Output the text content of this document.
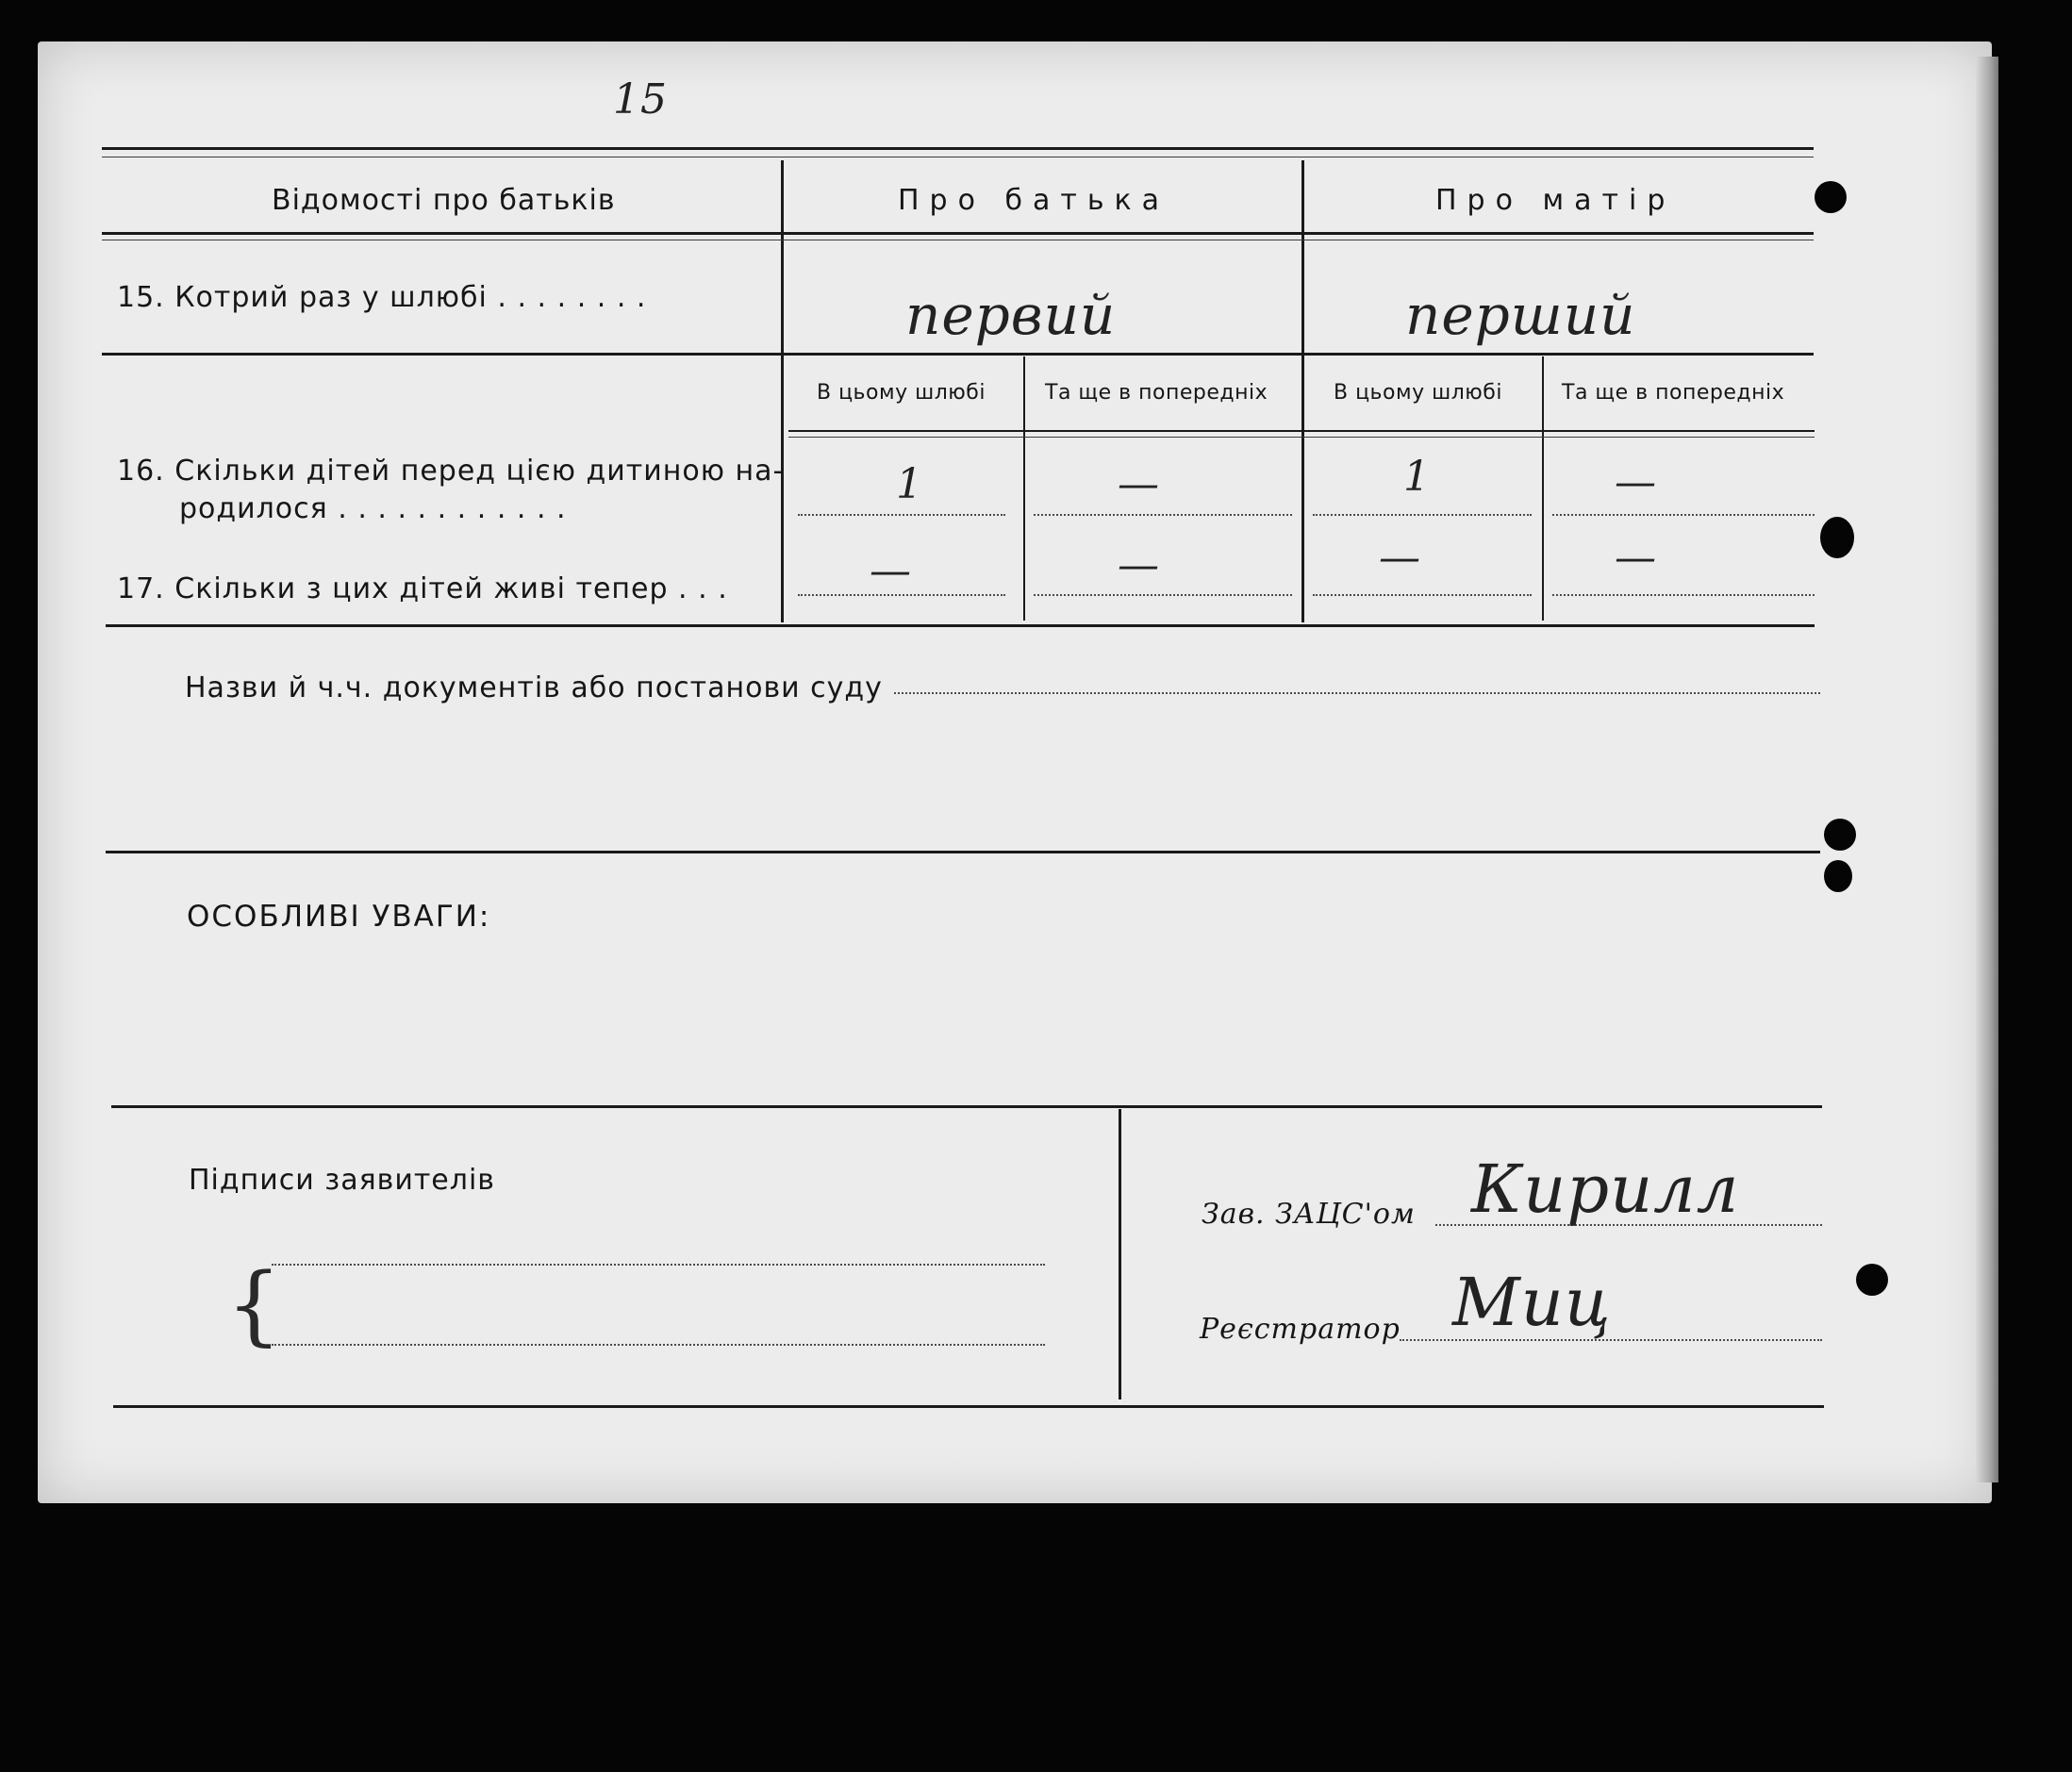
15
Відомості про батьків	Про батька	Про матір
15. Котрий раз у шлюбі . . . . . . . .	первий	перший
В цьому шлюбі	Та ще в попередніх	В цьому шлюбі	Та ще в попередніх
16. Скільки дітей перед цією дитиною на-
родилося . . . . . . . . . . . .
1	—	1	—
17. Скільки з цих дітей живі тепер . . .	—	—	—	—
Назви й ч.ч. документів або постанови суду
ОСОБЛИВІ УВАГИ:
Підписи заявителів
{
Зав. ЗАЦС'ом Кирилл
Реєстратор Миц
